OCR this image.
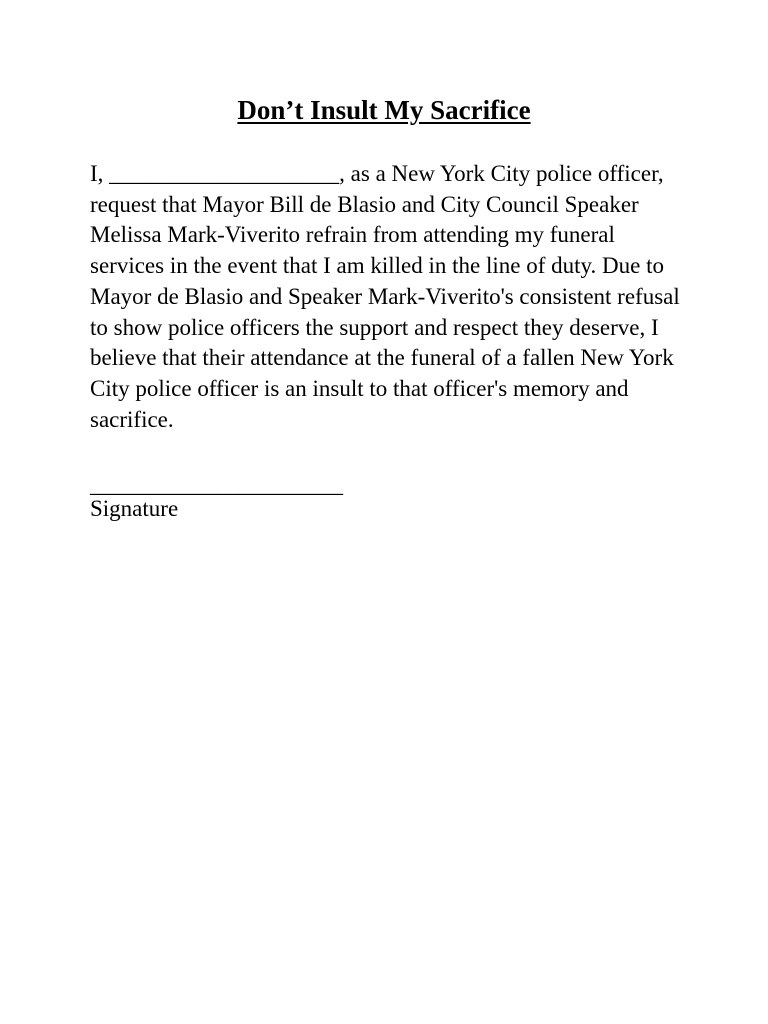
Don’t Insult My Sacrifice

I, ____________________, as a New York City police officer,
request that Mayor Bill de Blasio and City Council Speaker
Melissa Mark-Viverito refrain from attending my funeral
services in the event that I am killed in the line of duty. Due to
Mayor de Blasio and Speaker Mark-Viverito's consistent refusal
to show police officers the support and respect they deserve, I
believe that their attendance at the funeral of a fallen New York
City police officer is an insult to that officer's memory and
sacrifice.

______________________
Signature
